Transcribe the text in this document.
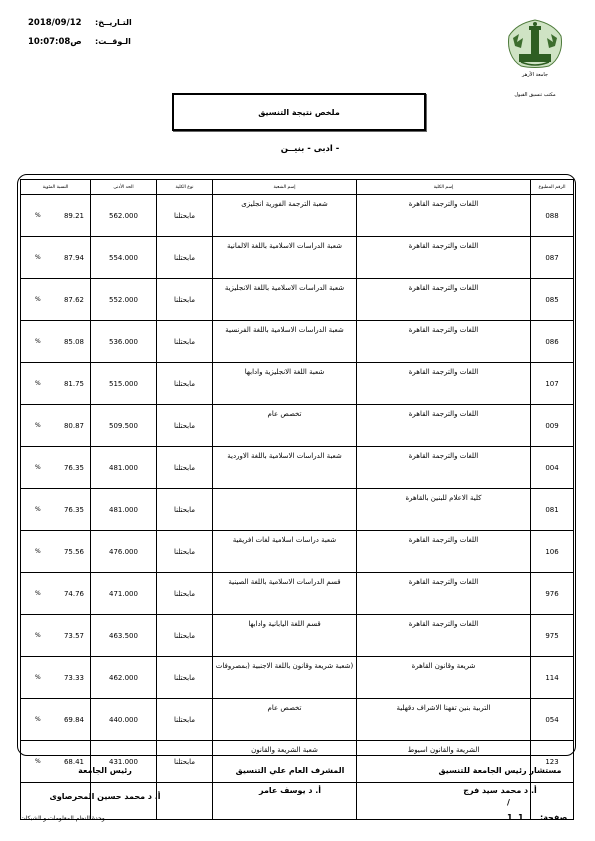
2018/09/12 التـاريــخ:
ص10:07:08 الـوقــت:
جامعة الأزهر
مكتب تنسيق القبول
ملخص نتيجة التنسيق
- ادبى - بنيــن
النسبة المئوية	الحد الأدنى	نوع الكلية	إسم الشعبة	إسم الكلية	الرقم المطبوع

% 89.21	562.000	مابحتلنا	شعبة الترجمة الفورية انجليزى	اللغات والترجمة القاهرة	088

% 87.94	554.000	مابحتلنا	شعبة الدراسات الاسلامية باللغة الالمانية	اللغات والترجمة القاهرة	087

% 87.62	552.000	مابحتلنا	شعبة الدراسات الاسلامية باللغة الانجليزية	اللغات والترجمة القاهرة	085

% 85.08	536.000	مابحتلنا	شعبة الدراسات الاسلامية باللغة الفرنسية	اللغات والترجمة القاهرة	086

% 81.75	515.000	مابحتلنا	شعبة اللغة الانجليزية وادابها	اللغات والترجمة القاهرة	107

% 80.87	509.500	مابحتلنا	تخصص عام	اللغات والترجمة القاهرة	009

% 76.35	481.000	مابحتلنا	شعبة الدراسات الاسلامية باللغة الاوردية	اللغات والترجمة القاهرة	004

% 76.35	481.000	مابحتلنا		كلية الاعلام للبنين بالقاهرة	081

% 75.56	476.000	مابحتلنا	شعبة دراسات اسلامية لغات افريقية	اللغات والترجمة القاهرة	106

% 74.76	471.000	مابحتلنا	قسم الدراسات الاسلامية باللغة الصينية	اللغات والترجمة القاهرة	976

% 73.57	463.500	مابحتلنا	قسم اللغة اليابانية وادابها	اللغات والترجمة القاهرة	975

% 73.33	462.000	مابحتلنا	(شعبة شريعة وقانون باللغة الاجنبية (بمصروفات	شريعة وقانون القاهرة	114

% 69.84	440.000	مابحتلنا	تخصص عام	التربية بنين تفهنا الاشراف دقهلية	054

% 68.41	431.000	مابحتلنا	شعبة الشريعة والقانون	الشريعة والقانون اسيوط	123

مستشار رئيس الجامعة للتنسيق
أ. د محمد سيد فرج
المشرف العام علي التنسيق
أ. د يوسف عامر
رئيس الجامعة
أ. د محمد حسين المحرصاوى
وحدة النظم المعلومات و الشبكات
/
1 1 صفحة:
